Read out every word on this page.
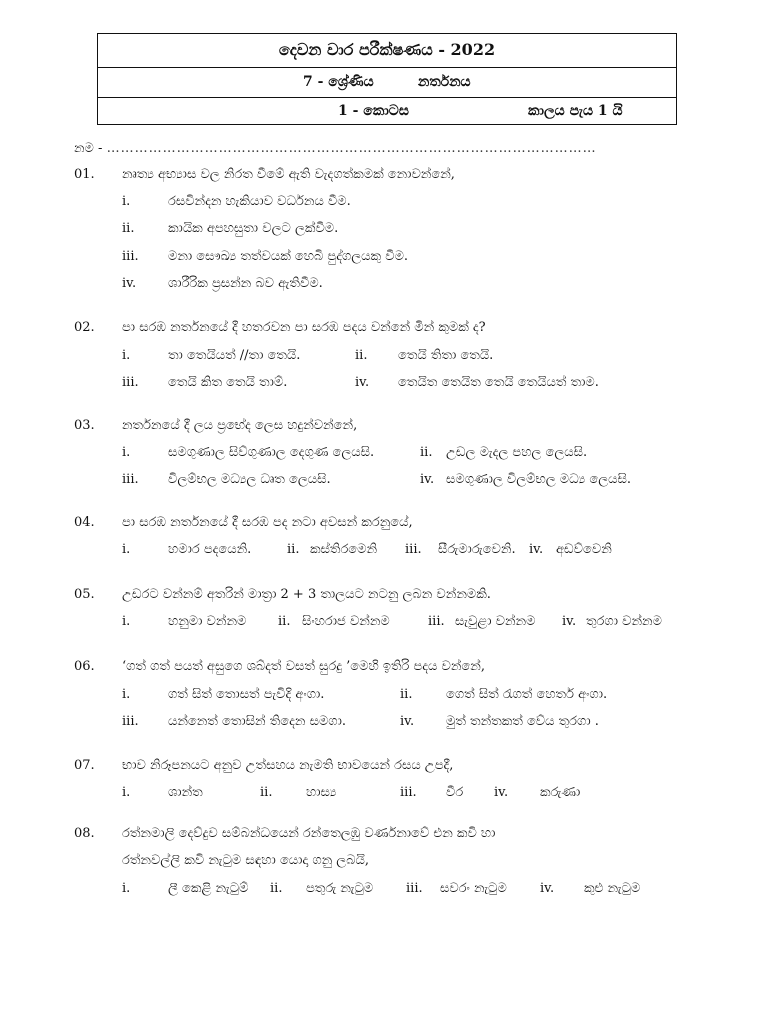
දෙවන වාර පරීක්ෂණය - 2022
7 - ශ්‍රේණිය	නර්තනය
1 - කොටස	කාලය පැය 1 යි
නම - ……………………………………………………………………………………………
01. නෘත්‍ය අභ්‍යාස වල නිරත වීමේ ඇති වැදගත්කමක් නොවන්නේ,
i.	රසවින්දන හැකියාව වර්ධනය වීම.
ii.	කායික අපහසුතා වලට ලක්වීම.
iii. මනා සෞඛ්‍ය තත්වයක් හෙබි පුද්ගලයකු වීම.
iv. ශාරීරික ප්‍රසන්න බව ඇතිවීම.
02. පා සරඹ නර්තනයේ දී හතරවන පා සරඹ පදය වන්නේ මින් කුමක් ද?
i.	තා තෙයියත් //තා තෙයි.	ii. තෙයි තිතා තෙයි.
iii. තෙයි කිත තෙයි තාම්.	iv. තෙයිත තෙයිත තෙයි තෙයියත් තාම.
03. නර්තනයේ දී ලය ප්‍රභේද ලෙස හදුන්වන්නේ,
i.	සමගුණාල සිව්ගුණාල දෙගුණ ලෙයසි.	ii. උඩල මැදල පහල ලෙයසි.
iii. විලම්භල මධ්‍යල ධෘත ලෙයසි.	iv. සමගුණාල විලම්භල මධ්‍ය ලෙයසි.
04. පා සරඹ නර්තනයේ දී සරඹ පද නටා අවසන් කරනුයේ,
i.	හමාර පදයෙනි.	ii. කස්තිරමෙනි iii. සීරුමාරුවෙනි. iv. අඩව්වෙනි
05. උඩරට වන්නම් අතරින් මාත්‍රා 2 + 3 තාලයට නටනු ලබන වන්නමකි.
i.	හනුමා වන්නම ii. සිංහරාජ වන්නම	iii. සැවුළා වන්නම iv. තුරගා වන්නම
06. ‘ගත් ගත් පයත් අසුගෙ ශබ්දත් වසත් සුරදු ’මෙහි ඉතිරි පදය වන්නේ,
i.	ගත් සිත් තොසත් පැවිදි අංගා.	ii.	ගෙත් සිත් රැගත් හෙර්ත අංගා.
iii. යන්නෙත් තොසින් තිදෙන සමගා.	iv. මුත් තන්තකත් වේය තුරගා .
07. භාව නිරූපනයට අනුව උත්සහය නැමති භාවයෙන් රසය උපදී,
i.	ශාන්ත	ii.	හාස්‍ය	iii. වීර iv. කරුණා
08. රත්නමාලි දෙව්දුව සම්බන්ධයෙන් රන්තෙලඹු වර්ණනාවේ එන කවි හා
රත්නවල්ලි කවි නැටුම සඳහා යොදා ගනු ලබයි,
i.	ලී කෙළි නැටුම් ii. පතුරු නැටුම	iii. සවරං නැටුම	iv. කුළු නැටුම
